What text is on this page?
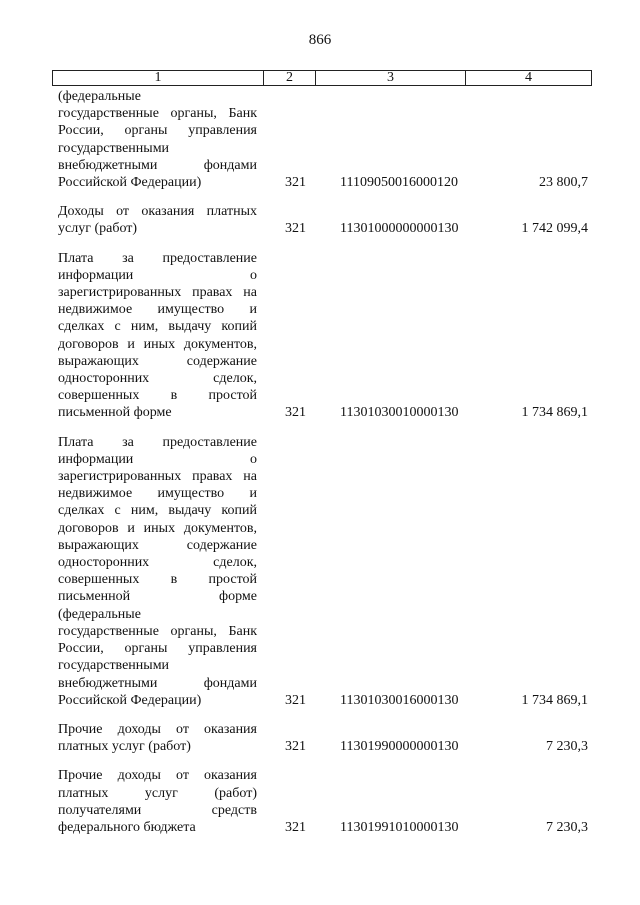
866
1	2	3	4
(федеральные
государственные органы, Банк
России, органы управления
государственными
внебюджетными фондами
Российской Федерации)	321	11109050016000120	23 800,7
Доходы от оказания платных
услуг (работ)	321	11301000000000130	1 742 099,4
Плата за предоставление
информации о
зарегистрированных правах на
недвижимое имущество и
сделках с ним, выдачу копий
договоров и иных документов,
выражающих содержание
односторонних сделок,
совершенных в простой
письменной форме	321	11301030010000130	1 734 869,1
Плата за предоставление
информации о
зарегистрированных правах на
недвижимое имущество и
сделках с ним, выдачу копий
договоров и иных документов,
выражающих содержание
односторонних сделок,
совершенных в простой
письменной форме
(федеральные
государственные органы, Банк
России, органы управления
государственными
внебюджетными фондами
Российской Федерации)	321	11301030016000130	1 734 869,1
Прочие доходы от оказания
платных услуг (работ)	321	11301990000000130	7 230,3
Прочие доходы от оказания
платных услуг (работ)
получателями средств
федерального бюджета	321	11301991010000130	7 230,3
